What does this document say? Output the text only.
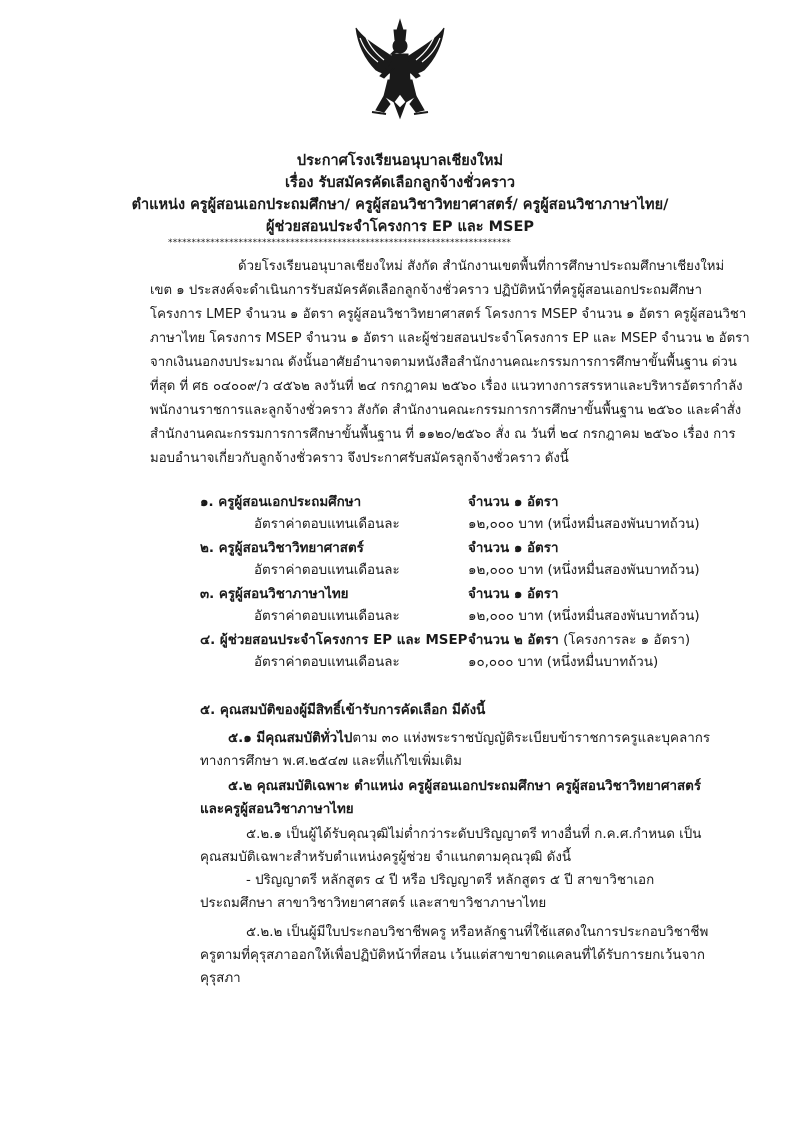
ประกาศโรงเรียนอนุบาลเชียงใหม่
เรื่อง รับสมัครคัดเลือกลูกจ้างชั่วคราว
ตำแหน่ง ครูผู้สอนเอกประถมศึกษา/ ครูผู้สอนวิชาวิทยาศาสตร์/ ครูผู้สอนวิชาภาษาไทย/
ผู้ช่วยสอนประจำโครงการ EP และ MSEP
*************************************************************************
ด้วยโรงเรียนอนุบาลเชียงใหม่ สังกัด สำนักงานเขตพื้นที่การศึกษาประถมศึกษาเชียงใหม่
เขต ๑ ประสงค์จะดำเนินการรับสมัครคัดเลือกลูกจ้างชั่วคราว ปฏิบัติหน้าที่ครูผู้สอนเอกประถมศึกษา
โครงการ LMEP จำนวน ๑ อัตรา ครูผู้สอนวิชาวิทยาศาสตร์ โครงการ MSEP จำนวน ๑ อัตรา ครูผู้สอนวิชา
ภาษาไทย โครงการ MSEP จำนวน ๑ อัตรา และผู้ช่วยสอนประจำโครงการ EP และ MSEP จำนวน ๒ อัตรา
จากเงินนอกงบประมาณ ดังนั้นอาศัยอำนาจตามหนังสือสำนักงานคณะกรรมการการศึกษาขั้นพื้นฐาน ด่วน
ที่สุด ที่ ศธ ๐๔๐๐๙/ว ๔๕๖๒ ลงวันที่ ๒๔ กรกฎาคม ๒๕๖๐ เรื่อง แนวทางการสรรหาและบริหารอัตรากำลัง
พนักงานราชการและลูกจ้างชั่วคราว สังกัด สำนักงานคณะกรรมการการศึกษาขั้นพื้นฐาน ๒๕๖๐ และคำสั่ง
สำนักงานคณะกรรมการการศึกษาขั้นพื้นฐาน ที่ ๑๑๒๐/๒๕๖๐ สั่ง ณ วันที่ ๒๔ กรกฎาคม ๒๕๖๐ เรื่อง การ
มอบอำนาจเกี่ยวกับลูกจ้างชั่วคราว จึงประกาศรับสมัครลูกจ้างชั่วคราว ดังนี้
๑. ครูผู้สอนเอกประถมศึกษา	จำนวน ๑ อัตรา
อัตราค่าตอบแทนเดือนละ	๑๒,๐๐๐ บาท (หนึ่งหมื่นสองพันบาทถ้วน)
๒. ครูผู้สอนวิชาวิทยาศาสตร์	จำนวน ๑ อัตรา
อัตราค่าตอบแทนเดือนละ	๑๒,๐๐๐ บาท (หนึ่งหมื่นสองพันบาทถ้วน)
๓. ครูผู้สอนวิชาภาษาไทย	จำนวน ๑ อัตรา
อัตราค่าตอบแทนเดือนละ	๑๒,๐๐๐ บาท (หนึ่งหมื่นสองพันบาทถ้วน)
๔. ผู้ช่วยสอนประจำโครงการ EP และ MSEP จำนวน ๒ อัตรา (โครงการละ ๑ อัตรา)
อัตราค่าตอบแทนเดือนละ	๑๐,๐๐๐ บาท (หนึ่งหมื่นบาทถ้วน)
๕. คุณสมบัติของผู้มีสิทธิ์เข้ารับการคัดเลือก มีดังนี้
๕.๑ มีคุณสมบัติทั่วไปตาม ๓๐ แห่งพระราชบัญญัติระเบียบข้าราชการครูและบุคลากร
ทางการศึกษา พ.ศ.๒๕๔๗ และที่แก้ไขเพิ่มเติม
๕.๒ คุณสมบัติเฉพาะ ตำแหน่ง ครูผู้สอนเอกประถมศึกษา ครูผู้สอนวิชาวิทยาศาสตร์
และครูผู้สอนวิชาภาษาไทย
๕.๒.๑ เป็นผู้ได้รับคุณวุฒิไม่ต่ำกว่าระดับปริญญาตรี ทางอื่นที่ ก.ค.ศ.กำหนด เป็น
คุณสมบัติเฉพาะสำหรับตำแหน่งครูผู้ช่วย จำแนกตามคุณวุฒิ ดังนี้
- ปริญญาตรี หลักสูตร ๔ ปี หรือ ปริญญาตรี หลักสูตร ๕ ปี สาขาวิชาเอก
ประถมศึกษา สาขาวิชาวิทยาศาสตร์ และสาขาวิชาภาษาไทย
๕.๒.๒ เป็นผู้มีใบประกอบวิชาชีพครู หรือหลักฐานที่ใช้แสดงในการประกอบวิชาชีพ
ครูตามที่คุรุสภาออกให้เพื่อปฏิบัติหน้าที่สอน เว้นแต่สาขาขาดแคลนที่ได้รับการยกเว้นจาก
คุรุสภา
